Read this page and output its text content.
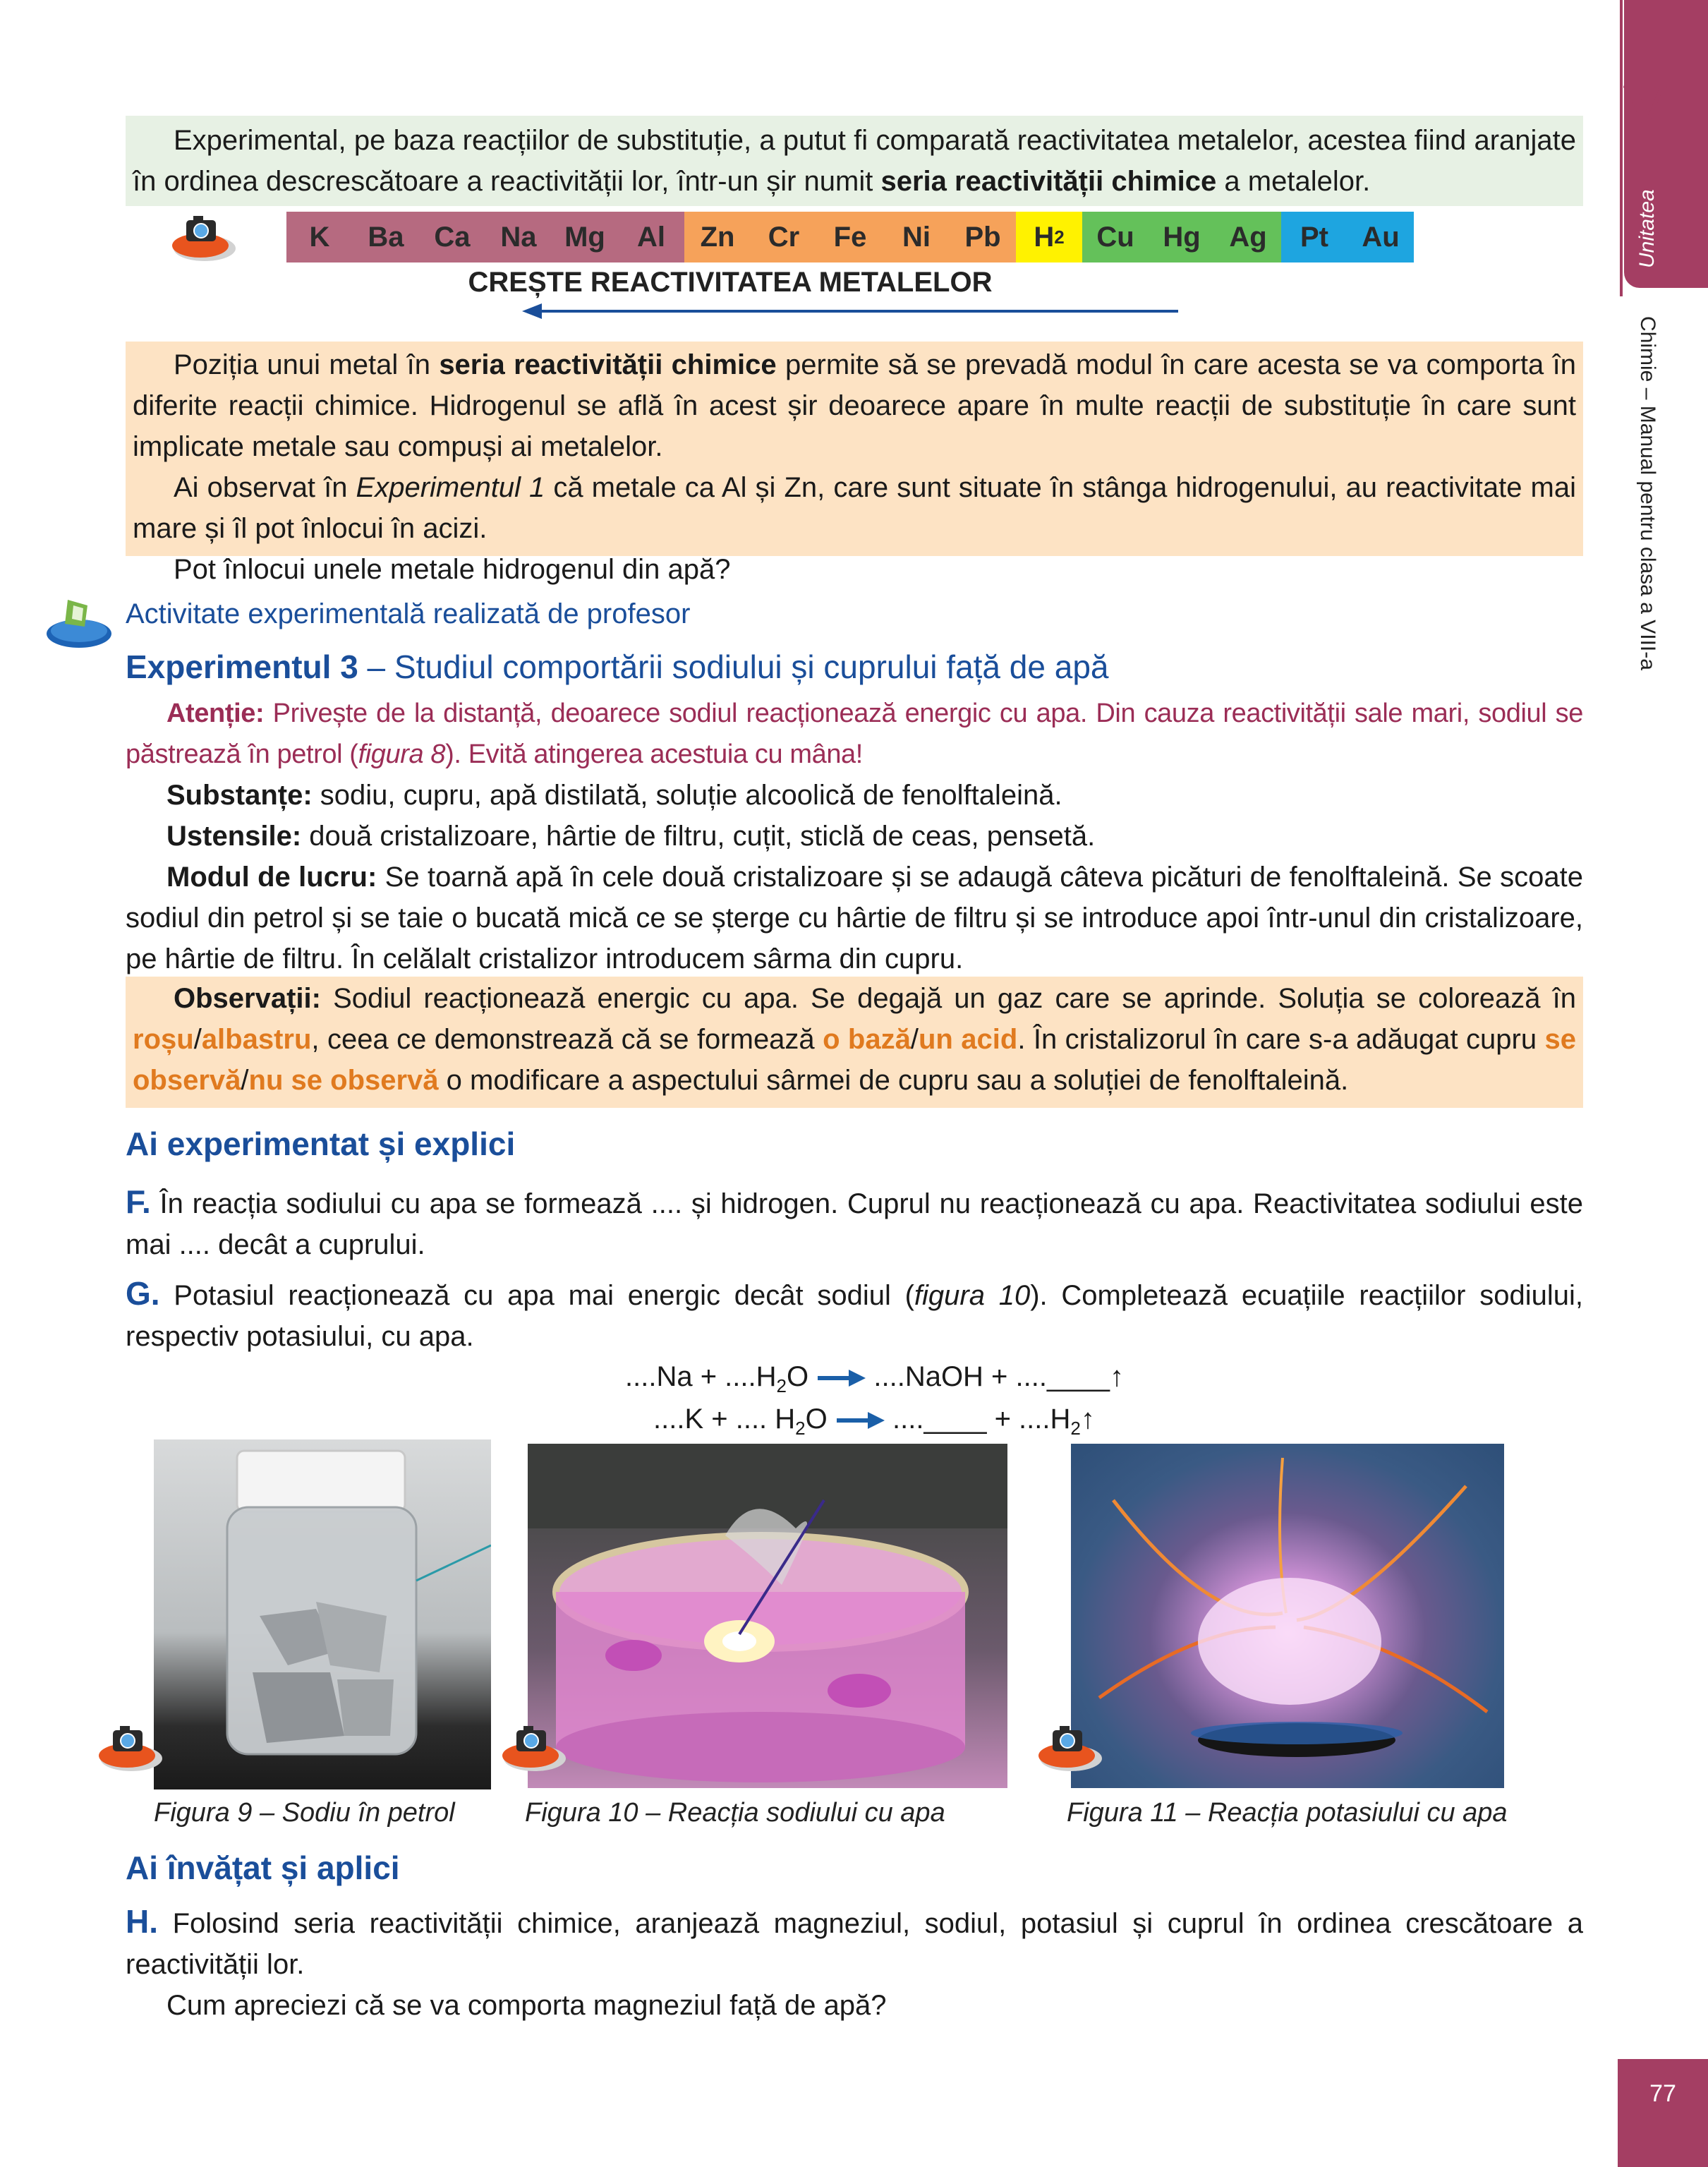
V
Unitatea
Chimie – Manual pentru clasa a VIII-a
77

Experimental, pe baza reacțiilor de substituție, a putut fi comparată reactivitatea metalelor, acestea fiind aranjate în ordinea descrescătoare a reactivității lor, într-un șir numit seria reactivității chimice a metalelor.

K Ba Ca Na Mg Al Zn Cr Fe Ni Pb H 2 Cu Hg Ag Pt Au
CREȘTE REACTIVITATEA METALELOR

Poziția unui metal în seria reactivității chimice permite să se prevadă modul în care acesta se va comporta în diferite reacții chimice. Hidrogenul se află în acest șir deoarece apare în multe reacții de substituție în care sunt implicate metale sau compuși ai metalelor.

Ai observat în Experimentul 1 că metale ca Al și Zn, care sunt situate în stânga hidrogenului, au reactivitate mai mare și îl pot înlocui în acizi.

Pot înlocui unele metale hidrogenul din apă?

Activitate experimentală realizată de profesor
Experimentul 3 – Studiul comportării sodiului și cuprului față de apă

Atenție: Privește de la distanță, deoarece sodiul reacționează energic cu apa. Din cauza reactivității sale mari, sodiul se păstrează în petrol (figura 8). Evită atingerea acestuia cu mâna!

Substanțe: sodiu, cupru, apă distilată, soluție alcoolică de fenolftaleină.

Ustensile: două cristalizoare, hârtie de filtru, cuțit, sticlă de ceas, pensetă.

Modul de lucru: Se toarnă apă în cele două cristalizoare și se adaugă câteva picături de fenolftaleină. Se scoate sodiul din petrol și se taie o bucată mică ce se șterge cu hârtie de filtru și se introduce apoi într-unul din cristalizoare, pe hârtie de filtru. În celălalt cristalizor introducem sârma din cupru.

Observații: Sodiul reacționează energic cu apa. Se degajă un gaz care se aprinde. Soluția se colorează în roșu/albastru, ceea ce demonstrează că se formează o bază/un acid. În cristalizorul în care s-a adăugat cupru se observă/nu se observă o modificare a aspectului sârmei de cupru sau a soluției de fenolftaleină.

Ai experimentat și explici

F. În reacția sodiului cu apa se formează .... și hidrogen. Cuprul nu reacționează cu apa. Reactivitatea sodiului este mai .... decât a cuprului.

G. Potasiul reacționează cu apa mai energic decât sodiul (figura 10). Completează ecuațiile reacțiilor sodiului, respectiv potasiului, cu apa.

$....Na + ....H_2O$ → ....NaOH + ....____↑
....K + .... $H_2O$ → ....____ + $....H_2↑$
Figura 9 – Sodiu în petrol	Figura 10 – Reacția sodiului cu apa	Figura 11 – Reacția potasiului cu apa
Ai învățat și aplici

H. Folosind seria reactivității chimice, aranjează magneziul, sodiul, potasiul și cuprul în ordinea crescătoare a reactivității lor.

Cum apreciezi că se va comporta magneziul față de apă?
